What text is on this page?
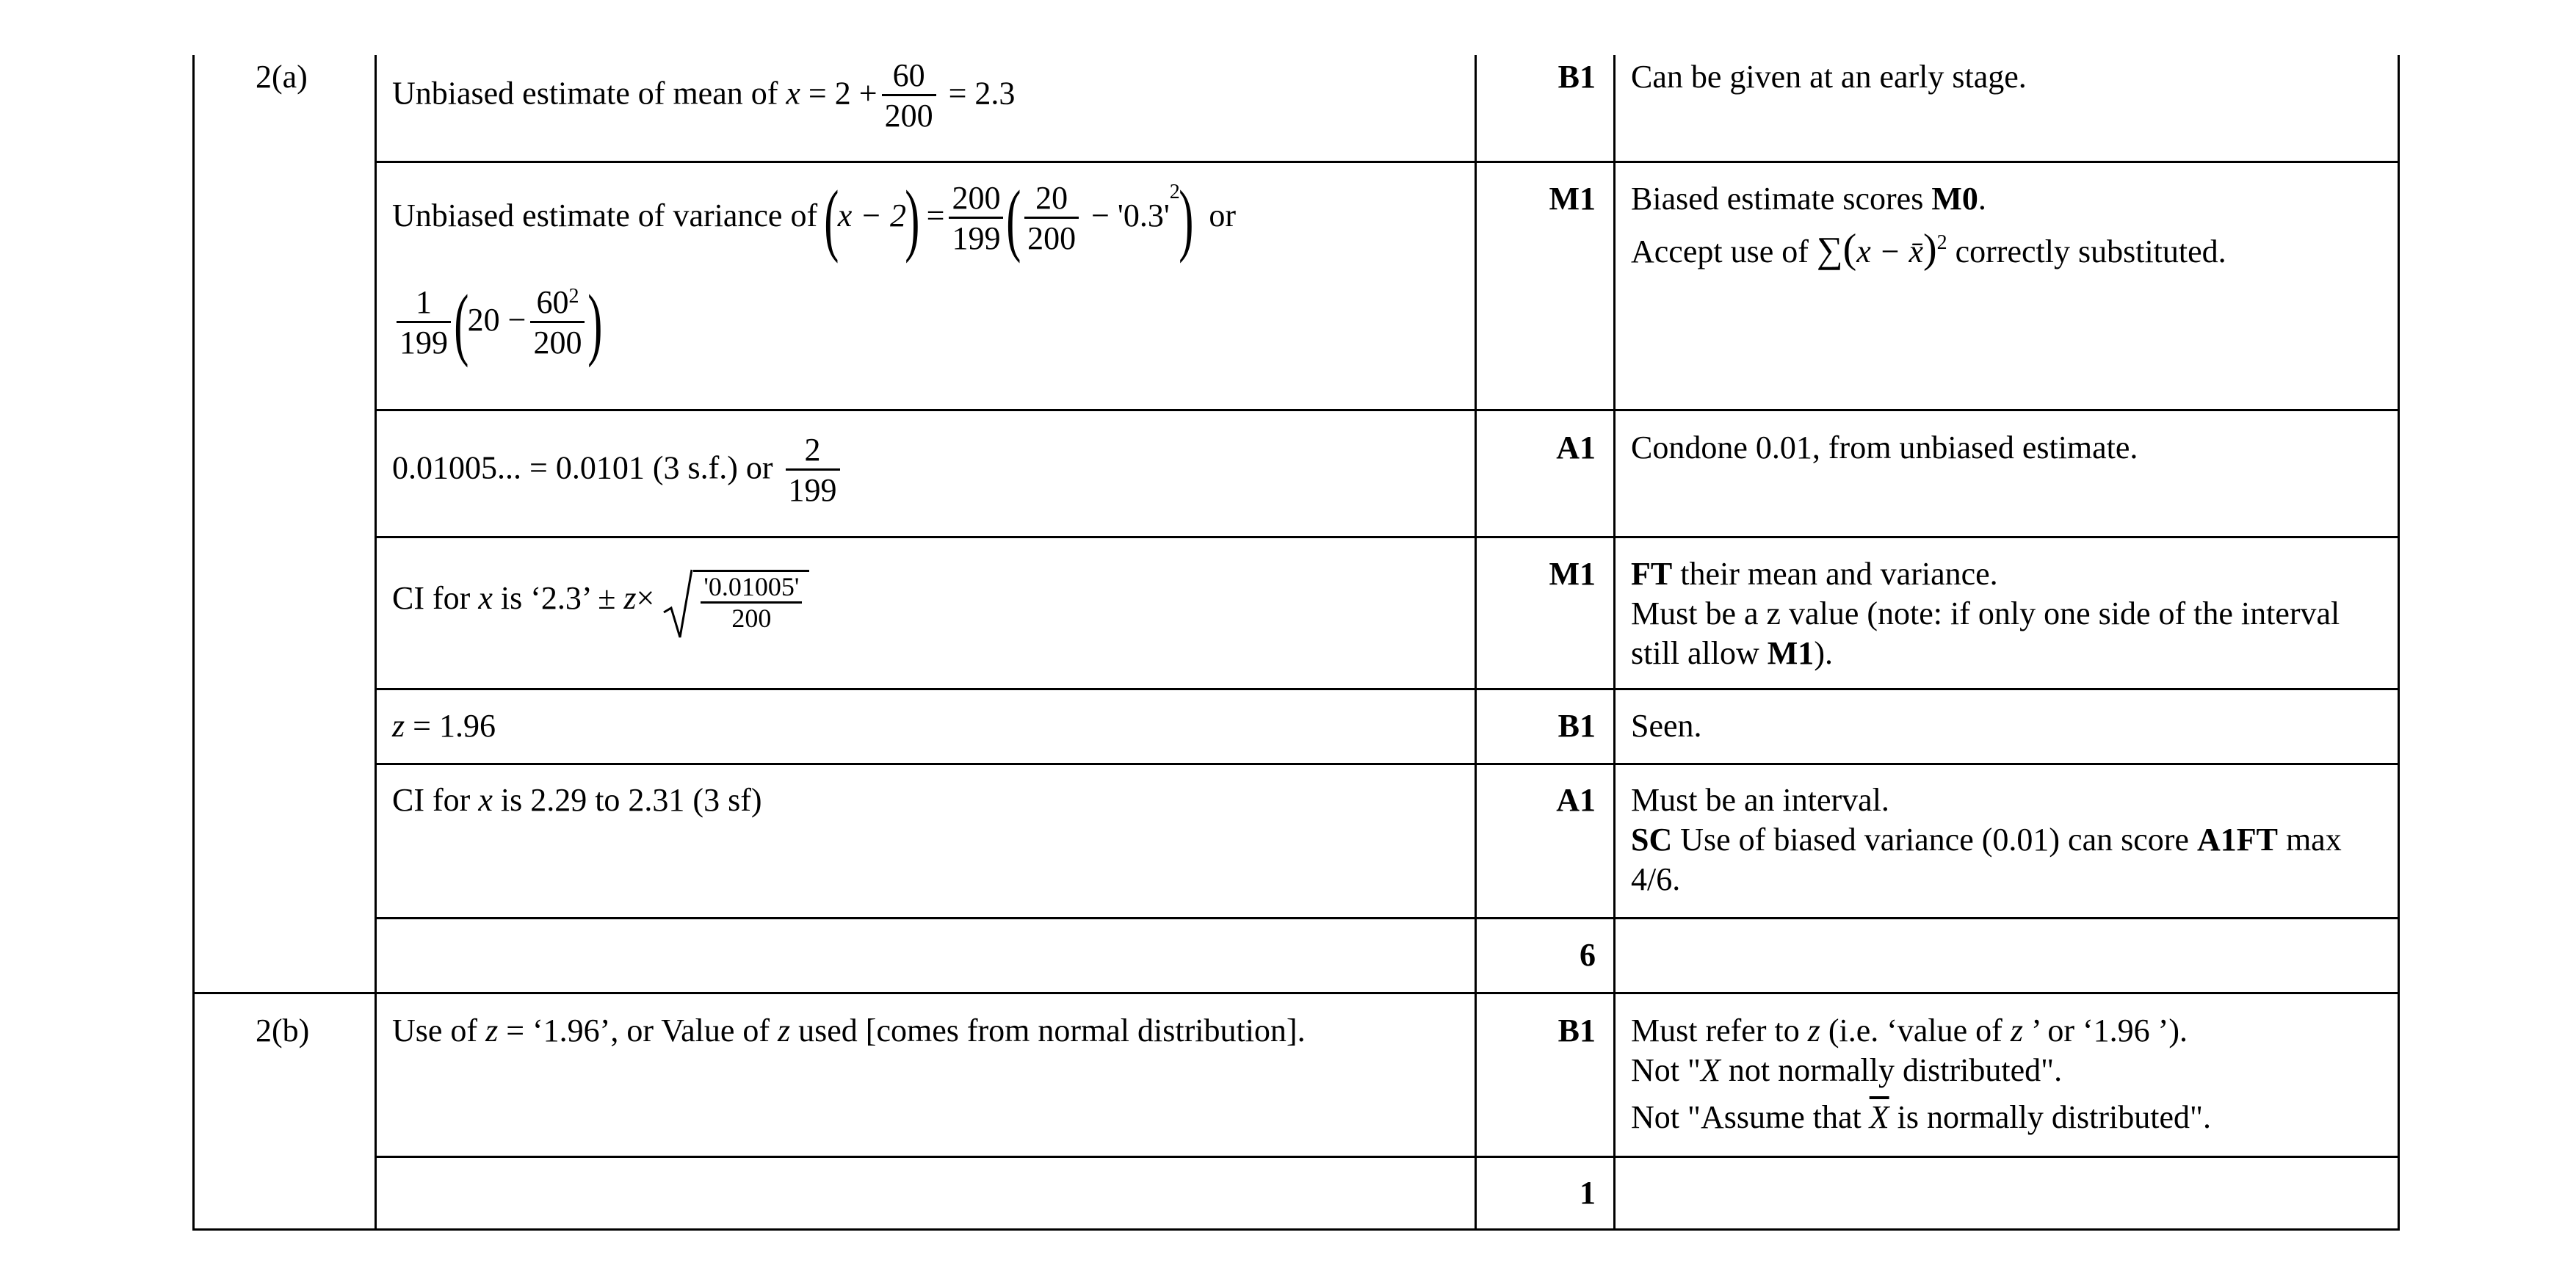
2(a)	Unbiased estimate of mean of $x = 2 + \frac{60}{200} = 2.3$	B1 Can be given at an early stage.
Unbiased estimate of variance of $(x - 2) = \frac{200}{199}$ ( $\frac{20}{200}$ − '$0.3'^2$) or
$\frac{1}{199} (20 - \frac{60^2}{200}$ )
M1 Biased estimate scores M0.
Accept use of ∑(x − x̄)$^2$ correctly substituted.
0.01005... = 0.0101 (3 s.f.) or $\frac{2}{199}$	A1 Condone 0.01, from unbiased estimate.
CI for x is ‘2.3’ ± $z\times \frac{'0.01005'}{200}$	M1 FT their mean and variance.
Must be a z value (note: if only one side of the interval still allow M1).
z = 1.96	B1 Seen.
CI for x is 2.29 to 2.31 (3 sf)	A1 Must be an interval.
SC Use of biased variance (0.01) can score A1FT max 4/6.
6
2(b)	Use of z = ‘1.96’, or Value of z used [comes from normal distribution].	B1 Must refer to z (i.e. ‘value of z ’ or ‘1.96 ’).
Not "X not normally distributed".
Not "Assume that $\overline{X}$ is normally distributed".
1
